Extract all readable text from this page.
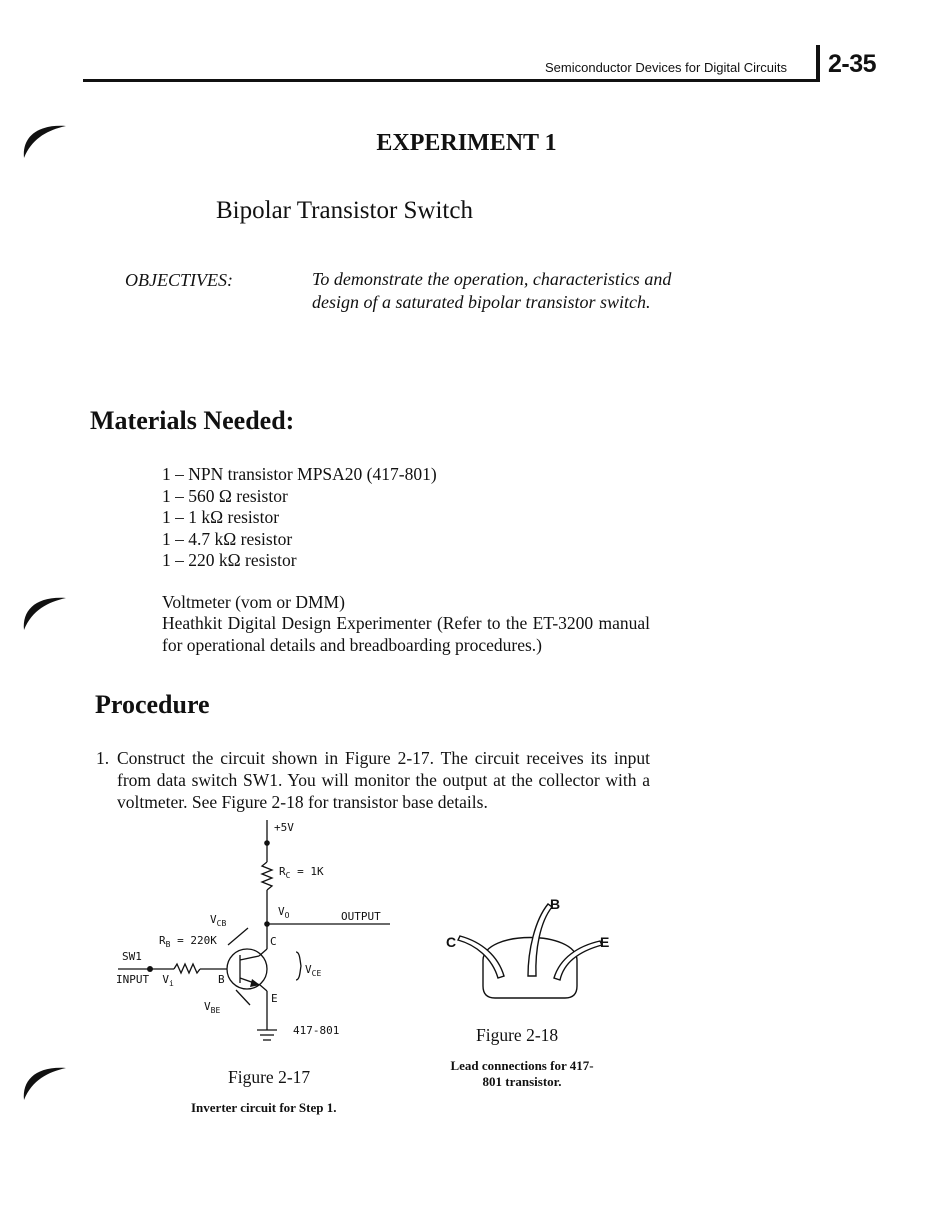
Semiconductor Devices for Digital Circuits 2-35
EXPERIMENT 1
Bipolar Transistor Switch
OBJECTIVES:	To demonstrate the operation, characteristics and design of a saturated bipolar transistor switch.
Materials Needed:
1 – NPN transistor MPSA20 (417-801)
1 – 560 Ω resistor
1 – 1 kΩ resistor
1 – 4.7 kΩ resistor
1 – 220 kΩ resistor
Voltmeter (vom or DMM)
Heathkit Digital Design Experimenter (Refer to the ET-3200 manual for operational details and breadboarding procedures.)
Procedure
1. Construct the circuit shown in Figure 2-17. The circuit receives its input from data switch SW1. You will monitor the output at the collector with a voltmeter. See Figure 2-18 for transistor base details.
+5V
$R_C = 1K$
$V_O$	OUTPUT
$V_{CB}$
$R_B = 220K$	C
$V_{CE}$
SW1
INPUT  $V_i$	B
E
$V_{BE}$
417-801
Figure 2-17
Inverter circuit for Step 1.
B
C	E
Figure 2-18
Lead connections for 417-801 transistor.
